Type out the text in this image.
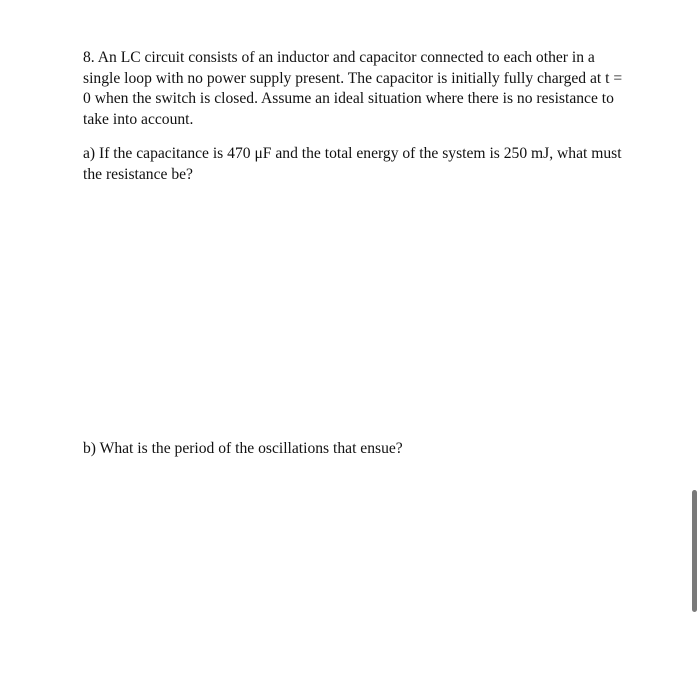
8. An LC circuit consists of an inductor and capacitor connected to each other in a single loop with no power supply present. The capacitor is initially fully charged at t = 0 when the switch is closed. Assume an ideal situation where there is no resistance to take into account.

a) If the capacitance is 470 μF and the total energy of the system is 250 mJ, what must the resistance be?

b) What is the period of the oscillations that ensue?
